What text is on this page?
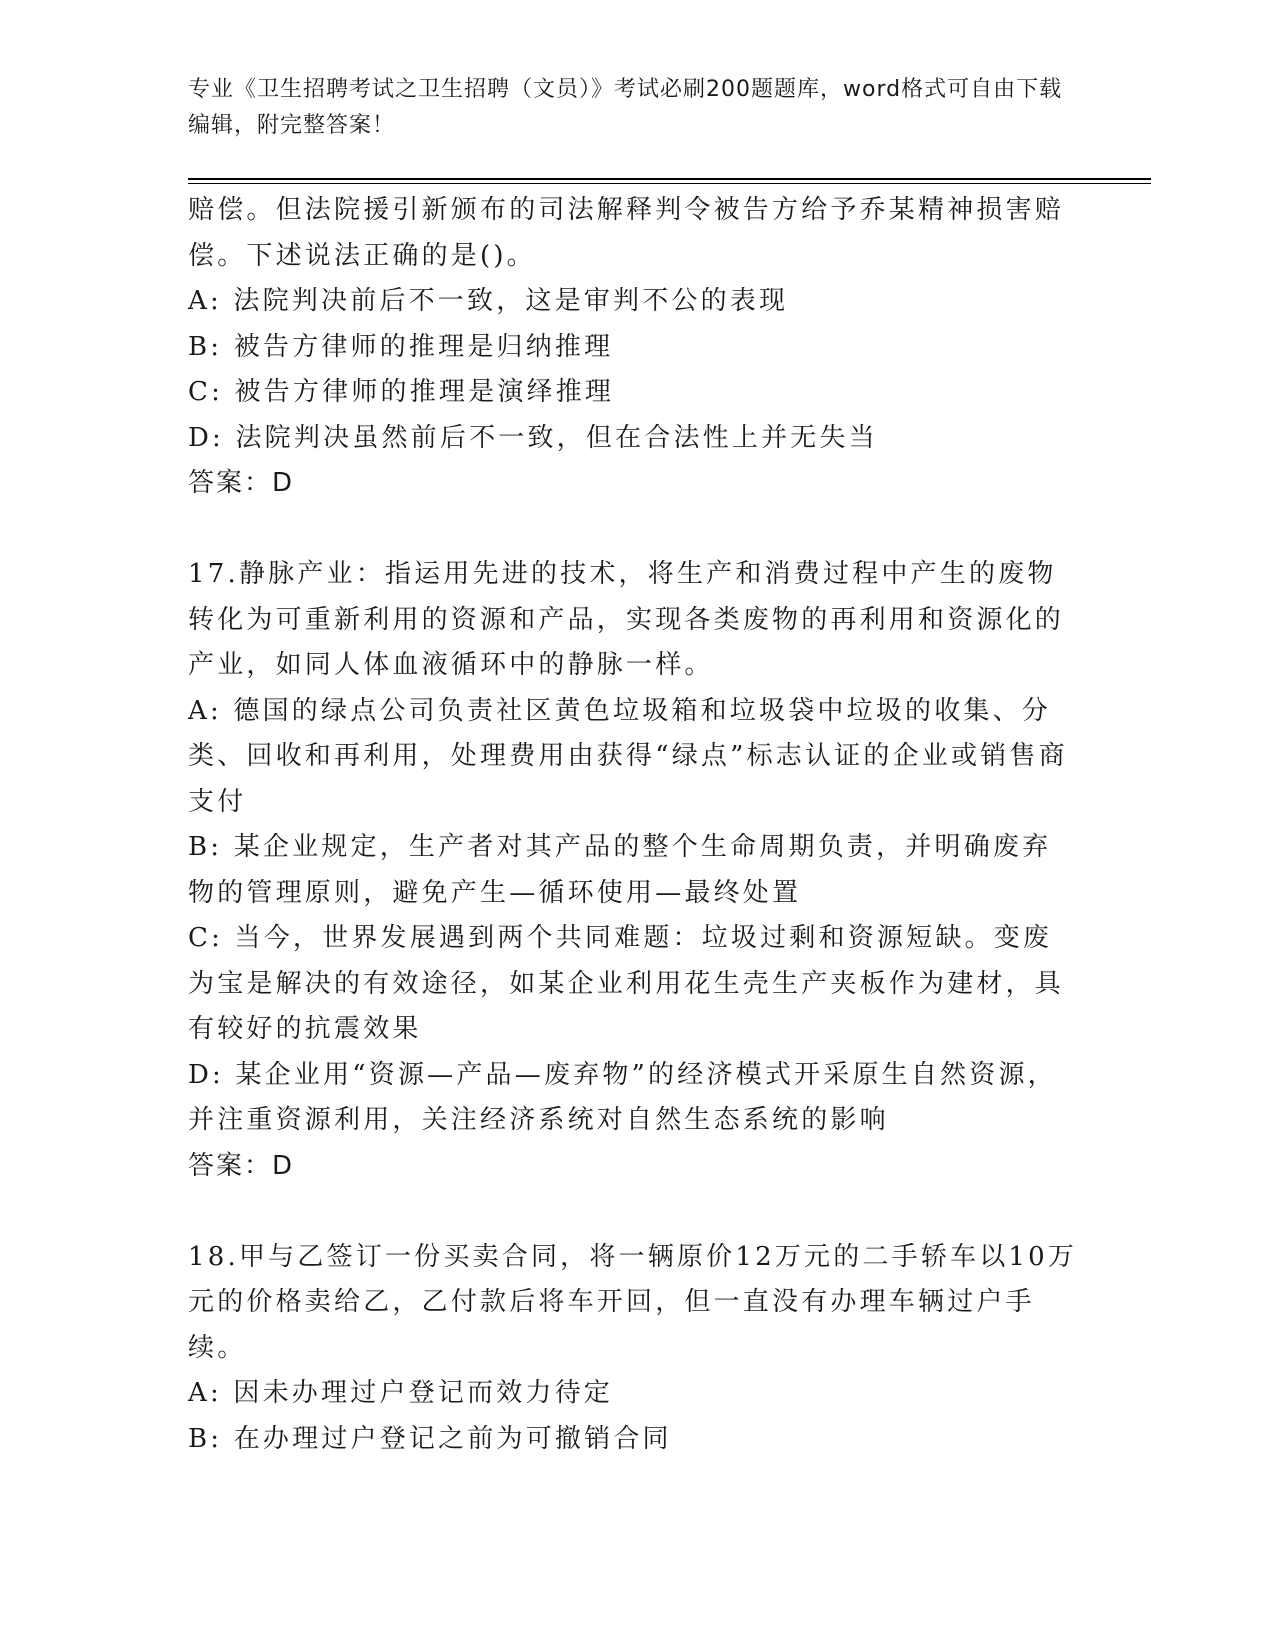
专业《卫生招聘考试之卫生招聘（文员）》考试必刷200题题库，word格式可自由下载编辑，附完整答案！

赔偿。但法院援引新颁布的司法解释判令被告方给予乔某精神损害赔偿。下述说法正确的是()。

A: 法院判决前后不一致，这是审判不公的表现

B: 被告方律师的推理是归纳推理

C: 被告方律师的推理是演绎推理

D: 法院判决虽然前后不一致，但在合法性上并无失当

答案：D

17.静脉产业：指运用先进的技术，将生产和消费过程中产生的废物转化为可重新利用的资源和产品，实现各类废物的再利用和资源化的产业，如同人体血液循环中的静脉一样。

A: 德国的绿点公司负责社区黄色垃圾箱和垃圾袋中垃圾的收集、分类、回收和再利用，处理费用由获得“绿点”标志认证的企业或销售商支付

B: 某企业规定，生产者对其产品的整个生命周期负责，并明确废弃物的管理原则，避免产生—循环使用—最终处置

C: 当今，世界发展遇到两个共同难题：垃圾过剩和资源短缺。变废为宝是解决的有效途径，如某企业利用花生壳生产夹板作为建材，具有较好的抗震效果

D: 某企业用“资源—产品—废弃物”的经济模式开采原生自然资源，并注重资源利用，关注经济系统对自然生态系统的影响

答案：D

18.甲与乙签订一份买卖合同，将一辆原价12万元的二手轿车以10万元的价格卖给乙，乙付款后将车开回，但一直没有办理车辆过户手续。

A: 因未办理过户登记而效力待定

B: 在办理过户登记之前为可撤销合同
